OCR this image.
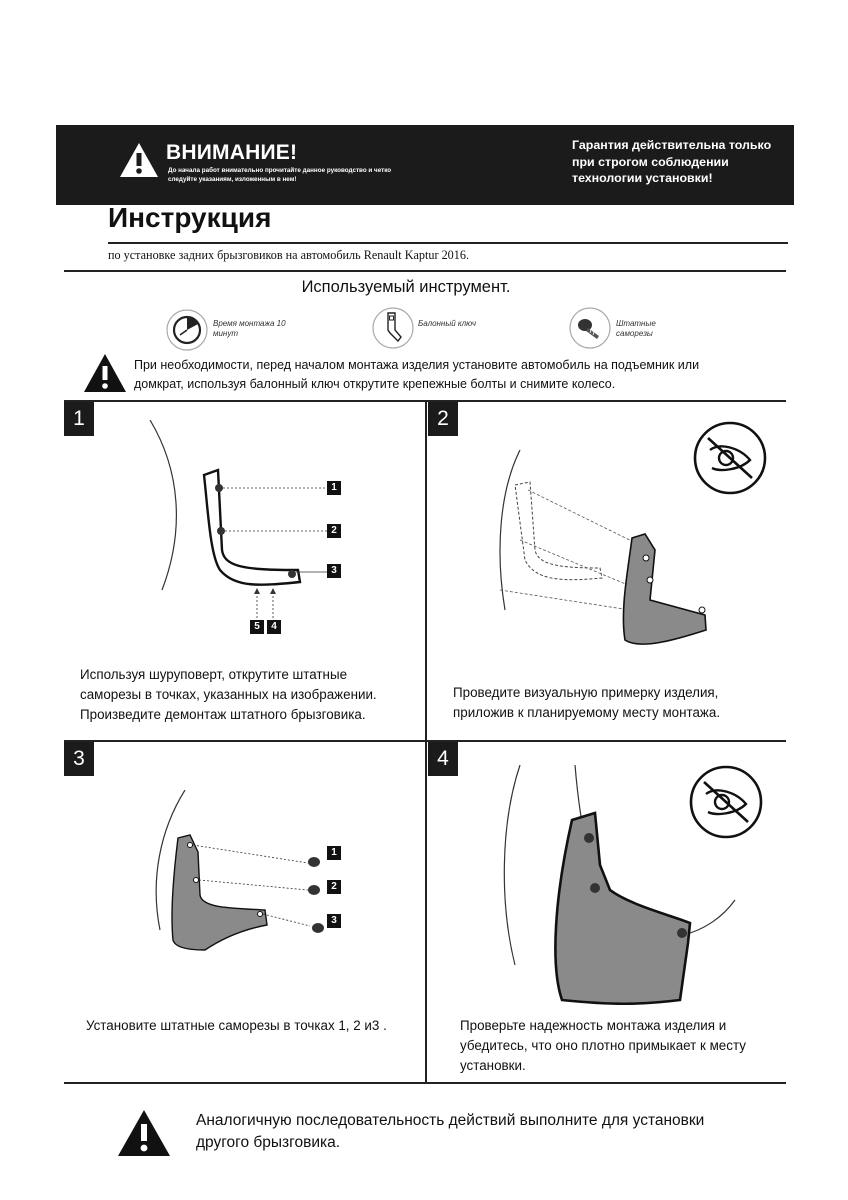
ВНИМАНИЕ!
До начала работ внимательно прочитайте данное руководство и четко следуйте указаниям, изложенным в нем!
Гарантия действительна только при строгом соблюдении технологии установки!
Инструкция
по установке задних брызговиков на автомобиль Renault Kaptur 2016.
Используемый инструмент.
Время монтажа 10 минут
Балонный ключ	Штатные саморезы
При необходимости, перед началом монтажа изделия установите автомобиль на подъемник или домкрат, используя балонный ключ открутите крепежные болты и снимите колесо.
1	2
3	4
1
2
3
5	4
Используя шуруповерт, открутите штатные саморезы в точках, указанных на изображении. Произведите демонтаж штатного брызговика.
Проведите визуальную примерку изделия, приложив к планируемому месту монтажа.
1
2
3
Установите штатные саморезы в точках 1, 2 и3 .	Проверьте надежность монтажа изделия и убедитесь, что оно плотно примыкает к месту установки.
Аналогичную последовательность действий выполните для установки другого брызговика.
